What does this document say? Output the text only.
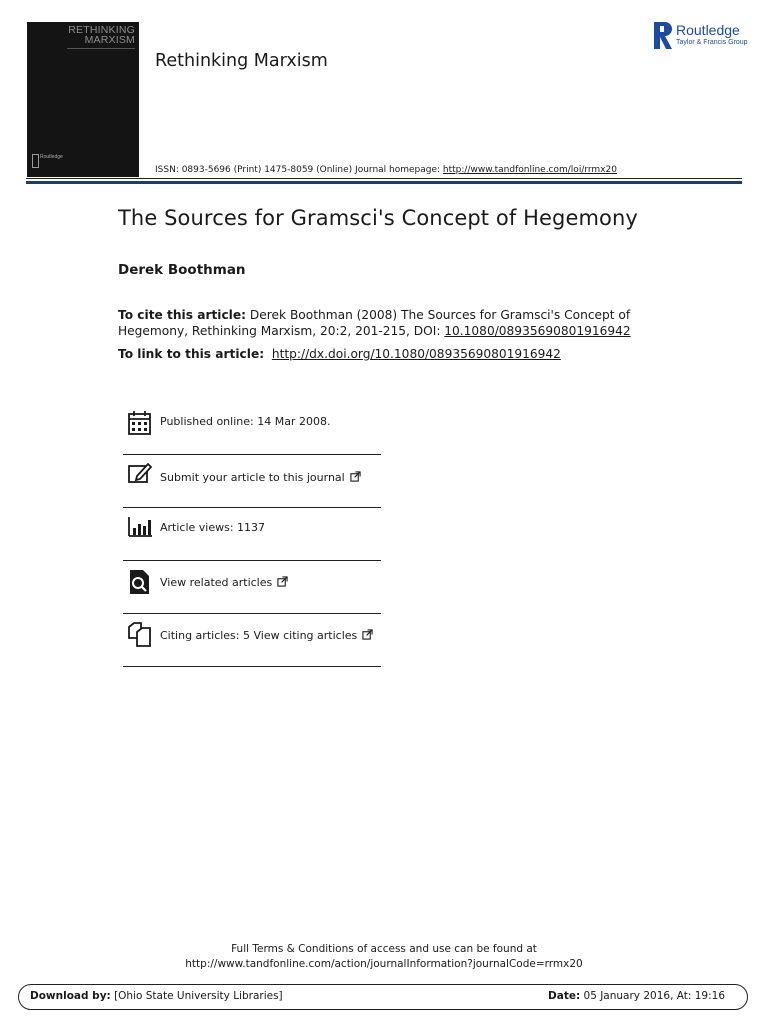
RETHINKING
MARXISM
Routledge
Rethinking Marxism
Routledge
Taylor & Francis Group
ISSN: 0893-5696 (Print) 1475-8059 (Online) Journal homepage: http://www.tandfonline.com/loi/rrmx20
The Sources for Gramsci's Concept of Hegemony
Derek Boothman
To cite this article: Derek Boothman (2008) The Sources for Gramsci's Concept of Hegemony, Rethinking Marxism, 20:2, 201-215, DOI: 10.1080/08935690801916942
To link to this article: http://dx.doi.org/10.1080/08935690801916942
Published online: 14 Mar 2008.
Submit your article to this journal
Article views: 1137
View related articles
Citing articles: 5 View citing articles
Full Terms & Conditions of access and use can be found at
http://www.tandfonline.com/action/journalInformation?journalCode=rrmx20
Download by: [Ohio State University Libraries]	Date: 05 January 2016, At: 19:16
